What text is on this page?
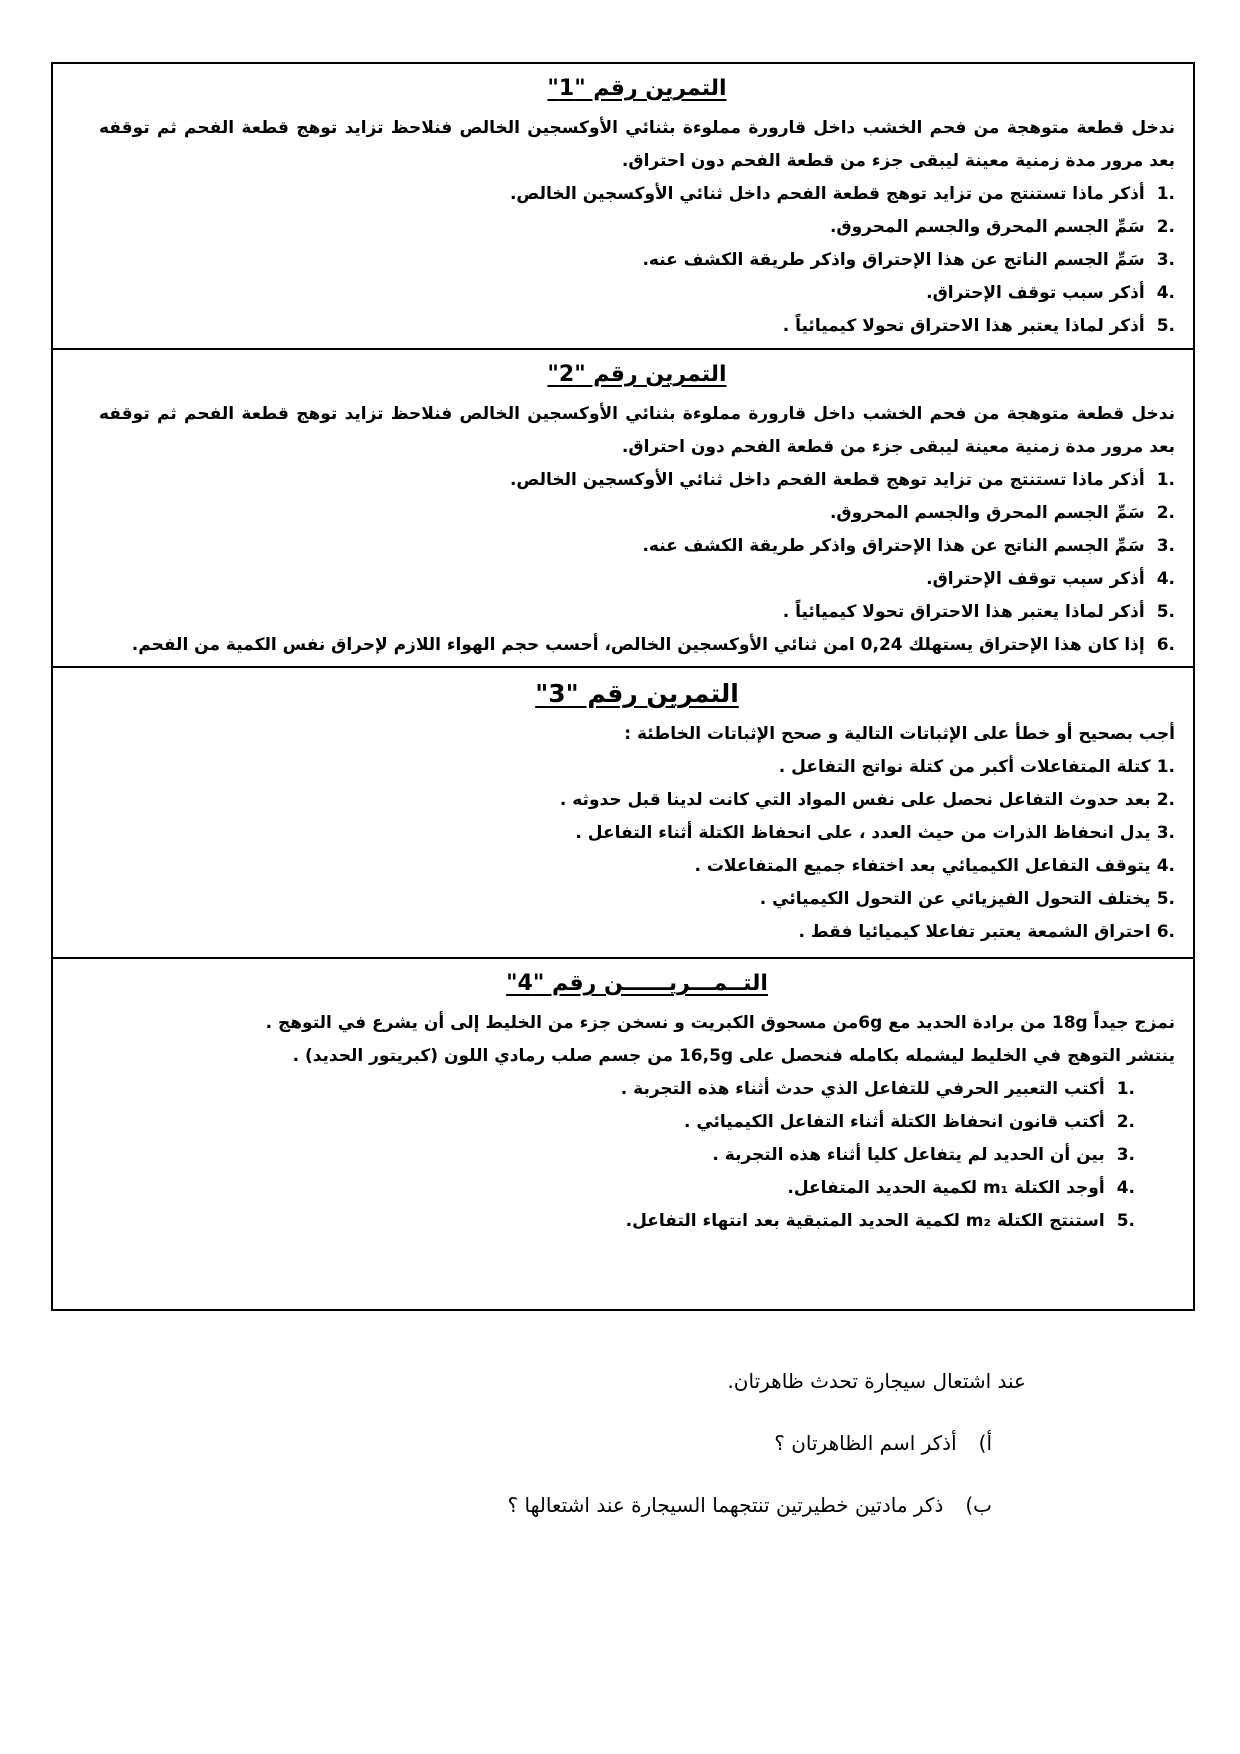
التمرين رقم "1"

ندخل قطعة متوهجة من فحم الخشب داخل قارورة مملوءة بثنائي الأوكسجين الخالص فنلاحظ تزايد توهج قطعة الفحم ثم توقفه بعد مرور مدة زمنية معينة ليبقى جزء من قطعة الفحم دون احتراق.

1.
أذكر ماذا تستنتج من تزايد توهج قطعة الفحم داخل ثنائي الأوكسجين الخالص.
2.
سَمِّ الجسم المحرق والجسم المحروق.
3.
سَمِّ الجسم الناتج عن هذا الإحتراق واذكر طريقة الكشف عنه.
4.
أذكر سبب توقف الإحتراق.
5.
أذكر لماذا يعتبر هذا الاحتراق تحولا كيميائياً .
التمرين رقم "2"

ندخل قطعة متوهجة من فحم الخشب داخل قارورة مملوءة بثنائي الأوكسجين الخالص فنلاحظ تزايد توهج قطعة الفحم ثم توقفه بعد مرور مدة زمنية معينة ليبقى جزء من قطعة الفحم دون احتراق.

1.
أذكر ماذا تستنتج من تزايد توهج قطعة الفحم داخل ثنائي الأوكسجين الخالص.
2.
سَمِّ الجسم المحرق والجسم المحروق.
3.
سَمِّ الجسم الناتج عن هذا الإحتراق واذكر طريقة الكشف عنه.
4.
أذكر سبب توقف الإحتراق.
5.
أذكر لماذا يعتبر هذا الاحتراق تحولا كيميائياً .
6.
إذا كان هذا الإحتراق يستهلك l 0,24من ثنائي الأوكسجين الخالص، أحسب حجم الهواء اللازم لإحراق نفس الكمية من الفحم.
التمرين رقم "3"

أجب بصحيح أو خطأ على الإثباتات التالية و صحح الإثباتات الخاطئة :

1.
كتلة المتفاعلات أكبر من كتلة نواتج التفاعل .
2.
بعد حدوث التفاعل نحصل على نفس المواد التي كانت لدينا قبل حدوثه .
3.
يدل انحفاظ الذرات من حيث العدد ، على انحفاظ الكتلة أثناء التفاعل .
4.
يتوقف التفاعل الكيميائي بعد اختفاء جميع المتفاعلات .
5.
يختلف التحول الفيزيائي عن التحول الكيميائي .
6.
احتراق الشمعة يعتبر تفاعلا كيميائيا فقط .
التــمـــريــــــن رقم "4"

نمزج جيداً 18g من برادة الحديد مع 6gمن مسحوق الكبريت و نسخن جزء من الخليط إلى أن يشرع في التوهج .

ينتشر التوهج في الخليط ليشمله بكامله فنحصل على 16,5g من جسم صلب رمادي اللون (كبريتور الحديد) .

1.
أكتب التعبير الحرفي للتفاعل الذي حدث أثناء هذه التجربة .
2.
أكتب قانون انحفاظ الكتلة أثناء التفاعل الكيميائي .
3.
بين أن الحديد لم يتفاعل كليا أثناء هذه التجربة .
4.
أوجد الكتلة m₁ لكمية الحديد المتفاعل.
5.
استنتج الكتلة m₂ لكمية الحديد المتبقية بعد انتهاء التفاعل.

عند اشتعال سيجارة تحدث ظاهرتان.

أ)
أذكر اسم الظاهرتان ؟
ب)
ذكر مادتين خطيرتين تنتجهما السيجارة عند اشتعالها ؟
